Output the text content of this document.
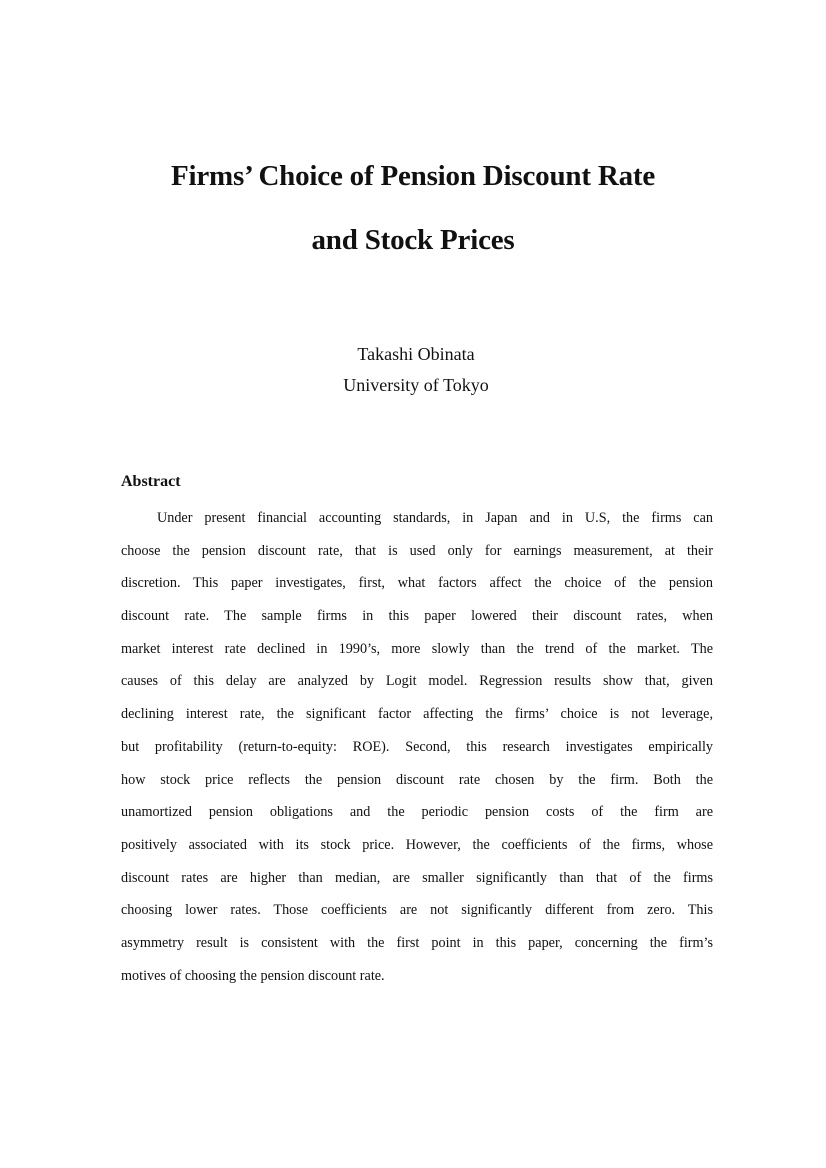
Firms’ Choice of Pension Discount Rate
and Stock Prices
Takashi Obinata
University of Tokyo
Abstract
Under present financial accounting standards, in Japan and in U.S, the firms can
choose the pension discount rate, that is used only for earnings measurement, at their
discretion. This paper investigates, first, what factors affect the choice of the pension
discount rate. The sample firms in this paper lowered their discount rates, when
market interest rate declined in 1990’s, more slowly than the trend of the market. The
causes of this delay are analyzed by Logit model. Regression results show that, given
declining interest rate, the significant factor affecting the firms’ choice is not leverage,
but profitability (return-to-equity: ROE). Second, this research investigates empirically
how stock price reflects the pension discount rate chosen by the firm. Both the
unamortized pension obligations and the periodic pension costs of the firm are
positively associated with its stock price. However, the coefficients of the firms, whose
discount rates are higher than median, are smaller significantly than that of the firms
choosing lower rates. Those coefficients are not significantly different from zero. This
asymmetry result is consistent with the first point in this paper, concerning the firm’s
motives of choosing the pension discount rate.
